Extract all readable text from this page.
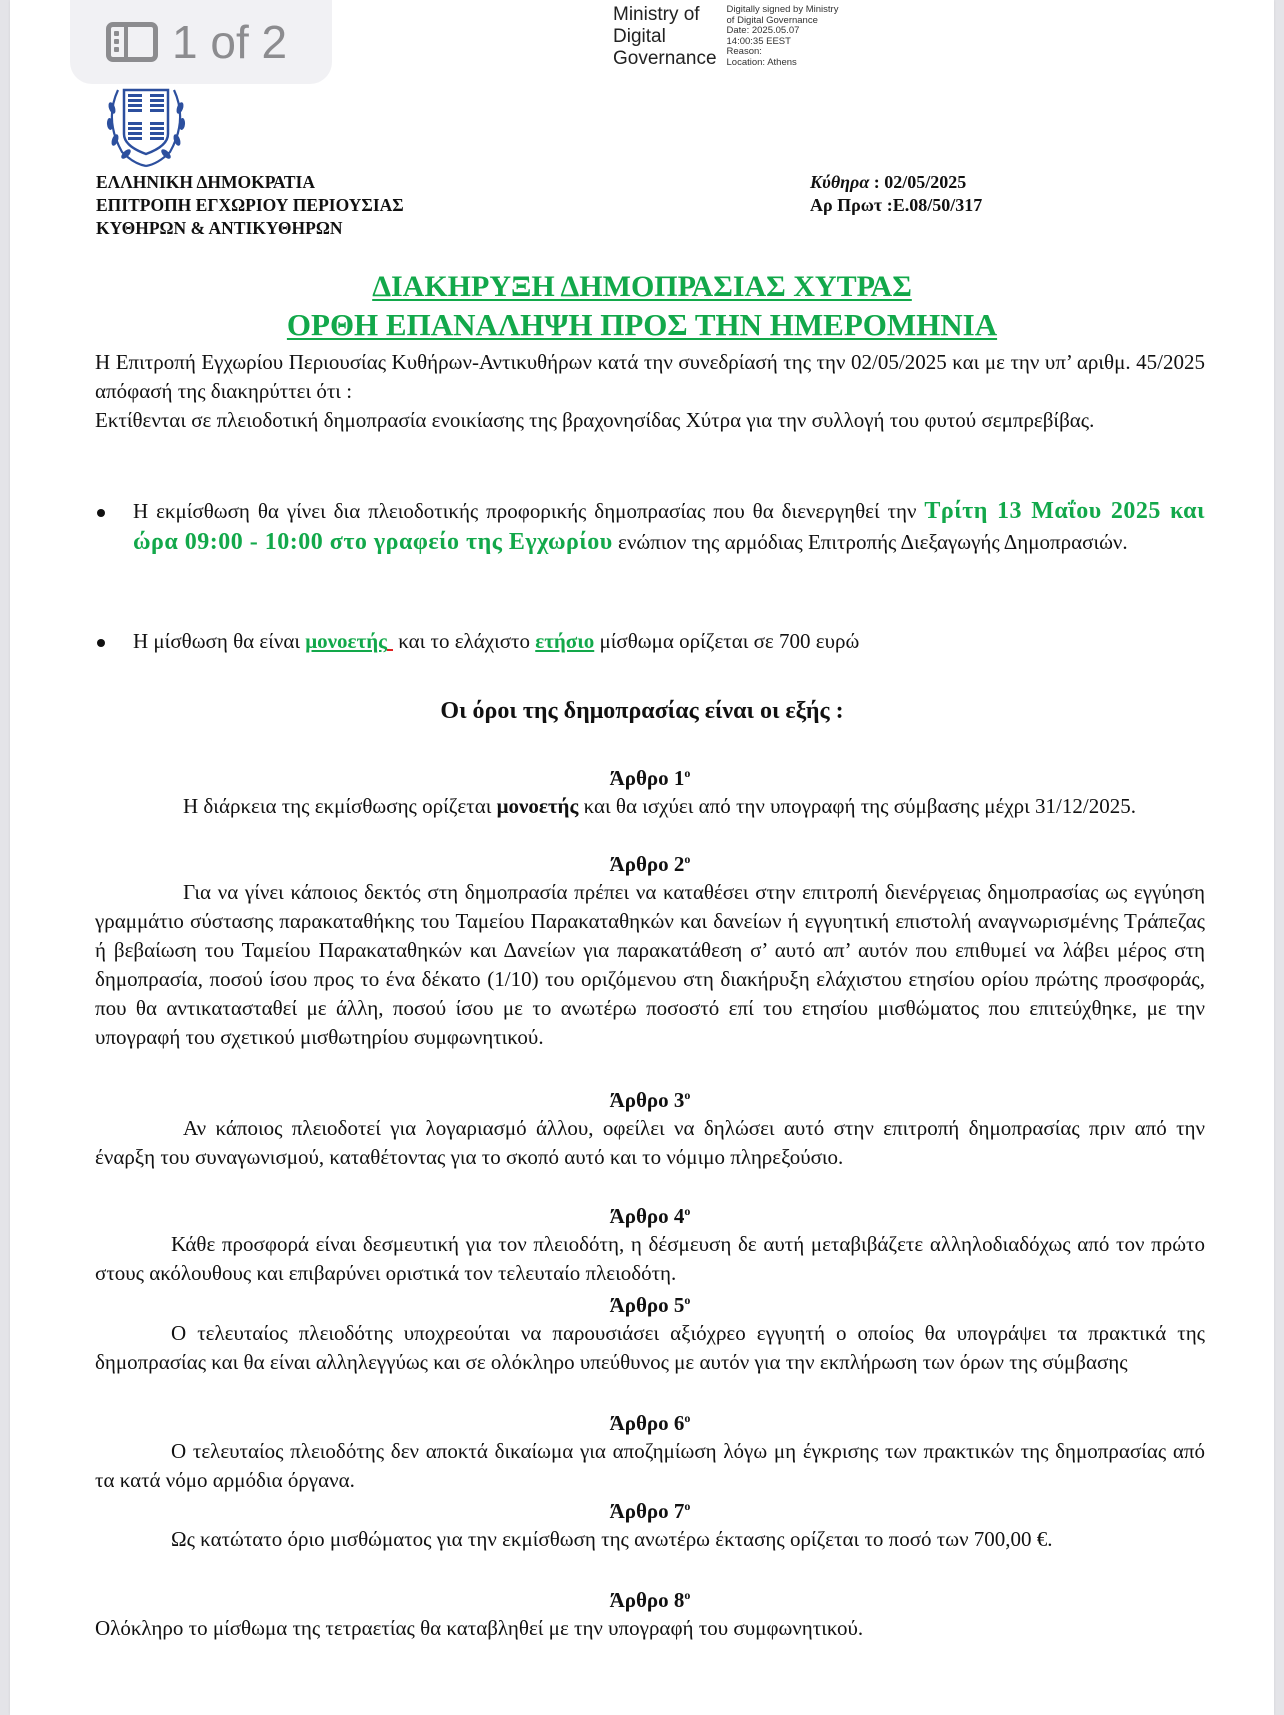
1 of 2
Ministry of
Digital
Governance
Digitally signed by Ministry
of Digital Governance
Date: 2025.05.07
14:00:35 EEST
Reason:
Location: Athens
ΕΛΛΗΝΙΚΗ ΔΗΜΟΚΡΑΤΙΑ
ΕΠΙΤΡΟΠΗ ΕΓΧΩΡΙΟΥ ΠΕΡΙΟΥΣΙΑΣ
ΚΥΘΗΡΩΝ & ΑΝΤΙΚΥΘΗΡΩΝ
Κύθηρα : 02/05/2025
Αρ Πρωτ :Ε.08/50/317
ΔΙΑΚΗΡΥΞΗ ΔΗΜΟΠΡΑΣΙΑΣ ΧΥΤΡΑΣ
ΟΡΘΗ ΕΠΑΝΑΛΗΨΗ ΠΡΟΣ ΤΗΝ ΗΜΕΡΟΜΗΝΙΑ
Η Επιτροπή Εγχωρίου Περιουσίας Κυθήρων-Αντικυθήρων κατά την συνεδρίασή της την 02/05/2025 και με την υπ’ αριθμ. 45/2025 απόφασή της διακηρύττει ότι :
Εκτίθενται σε πλειοδοτική δημοπρασία ενοικίασης της βραχονησίδας Χύτρα για την συλλογή του φυτού σεμπρεβίβας.
Η εκμίσθωση θα γίνει δια πλειοδοτικής προφορικής δημοπρασίας που θα διενεργηθεί την Τρίτη 13 Μαΐου 2025 και ώρα 09:00 - 10:00 στο γραφείο της Εγχωρίου ενώπιον της αρμόδιας Επιτροπής Διεξαγωγής Δημοπρασιών.
Η μίσθωση θα είναι μονοετής και το ελάχιστο ετήσιο μίσθωμα ορίζεται σε 700 ευρώ
Οι όροι της δημοπρασίας είναι οι εξής :
Άρθρο $1^o$

Η διάρκεια της εκμίσθωσης ορίζεται μονοετής και θα ισχύει από την υπογραφή της σύμβασης μέχρι 31/12/2025.

Άρθρο $2^o$

Για να γίνει κάποιος δεκτός στη δημοπρασία πρέπει να καταθέσει στην επιτροπή διενέργειας δημοπρασίας ως εγγύηση γραμμάτιο σύστασης παρακαταθήκης του Ταμείου Παρακαταθηκών και δανείων ή εγγυητική επιστολή αναγνωρισμένης Τράπεζας ή βεβαίωση του Ταμείου Παρακαταθηκών και Δανείων για παρακατάθεση σ’ αυτό απ’ αυτόν που επιθυμεί να λάβει μέρος στη δημοπρασία, ποσού ίσου προς το ένα δέκατο (1/10) του οριζόμενου στη διακήρυξη ελάχιστου ετησίου ορίου πρώτης προσφοράς, που θα αντικατασταθεί με άλλη, ποσού ίσου με το ανωτέρω ποσοστό επί του ετησίου μισθώματος που επιτεύχθηκε, με την υπογραφή του σχετικού μισθωτηρίου συμφωνητικού.

Άρθρο $3^o$

Αν κάποιος πλειοδοτεί για λογαριασμό άλλου, οφείλει να δηλώσει αυτό στην επιτροπή δημοπρασίας πριν από την έναρξη του συναγωνισμού, καταθέτοντας για το σκοπό αυτό και το νόμιμο πληρεξούσιο.

Άρθρο $4^o$

Κάθε προσφορά είναι δεσμευτική για τον πλειοδότη, η δέσμευση δε αυτή μεταβιβάζετε αλληλοδιαδόχως από τον πρώτο στους ακόλουθους και επιβαρύνει οριστικά τον τελευταίο πλειοδότη.

Άρθρο $5^o$

Ο τελευταίος πλειοδότης υποχρεούται να παρουσιάσει αξιόχρεο εγγυητή ο οποίος θα υπογράψει τα πρακτικά της δημοπρασίας και θα είναι αλληλεγγύως και σε ολόκληρο υπεύθυνος με αυτόν για την εκπλήρωση των όρων της σύμβασης

Άρθρο $6^o$

Ο τελευταίος πλειοδότης δεν αποκτά δικαίωμα για αποζημίωση λόγω μη έγκρισης των πρακτικών της δημοπρασίας από τα κατά νόμο αρμόδια όργανα.

Άρθρο $7^o$

Ως κατώτατο όριο μισθώματος για την εκμίσθωση της ανωτέρω έκτασης ορίζεται το ποσό των 700,00 €.

Άρθρο $8^o$

Ολόκληρο το μίσθωμα της τετραετίας θα καταβληθεί με την υπογραφή του συμφωνητικού.
